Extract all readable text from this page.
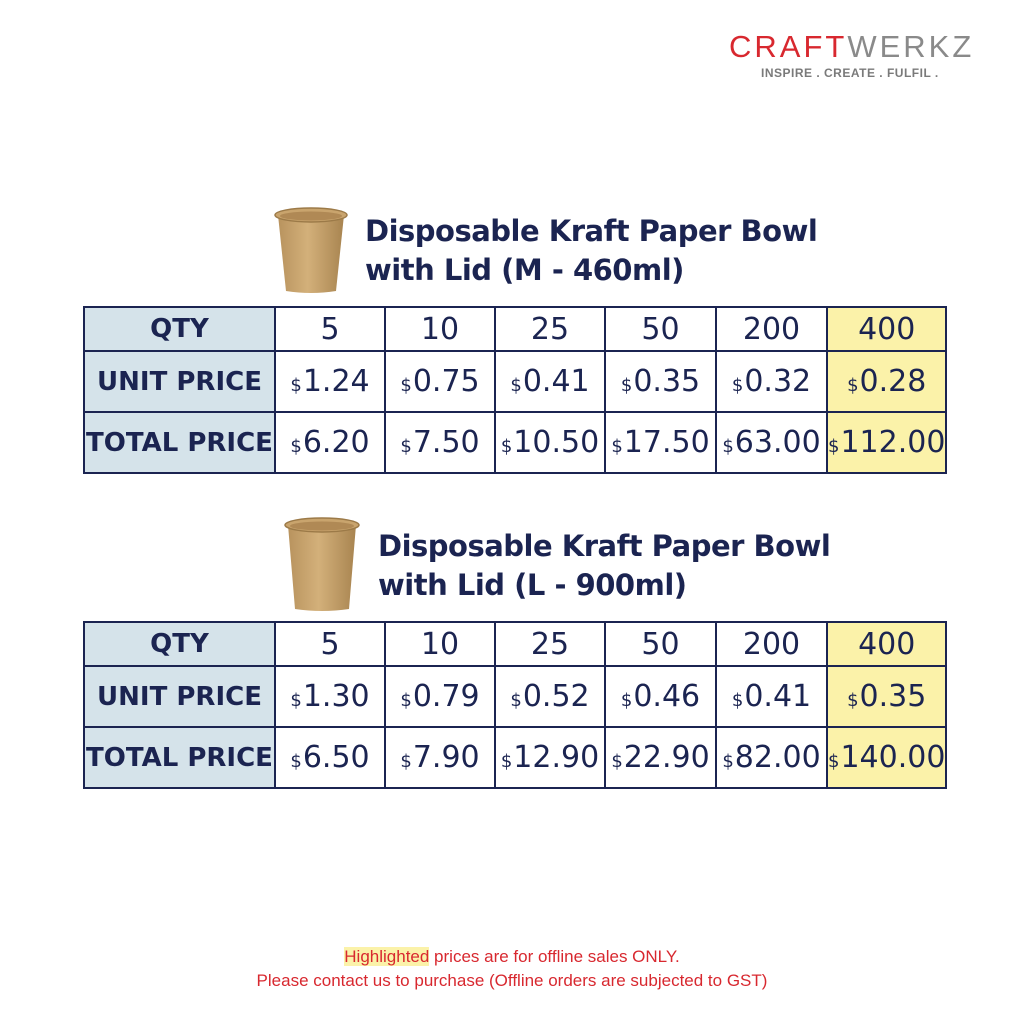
CRAFTWERKZ
INSPIRE . CREATE . FULFIL .
Disposable Kraft Paper Bowl
with Lid (M - 460ml)
QTY	5	10	25	50	200	400
UNIT PRICE	$1.24	$0.75	$0.41	$0.35	$0.32	$0.28
TOTAL PRICE	$6.20	$7.50	$10.50	$17.50	$63.00	$112.00
Disposable Kraft Paper Bowl
with Lid (L - 900ml)
QTY	5	10	25	50	200	400
UNIT PRICE	$1.30	$0.79	$0.52	$0.46	$0.41	$0.35
TOTAL PRICE	$6.50	$7.90	$12.90	$22.90	$82.00	$140.00
Highlighted prices are for offline sales ONLY.
Please contact us to purchase (Offline orders are subjected to GST)
